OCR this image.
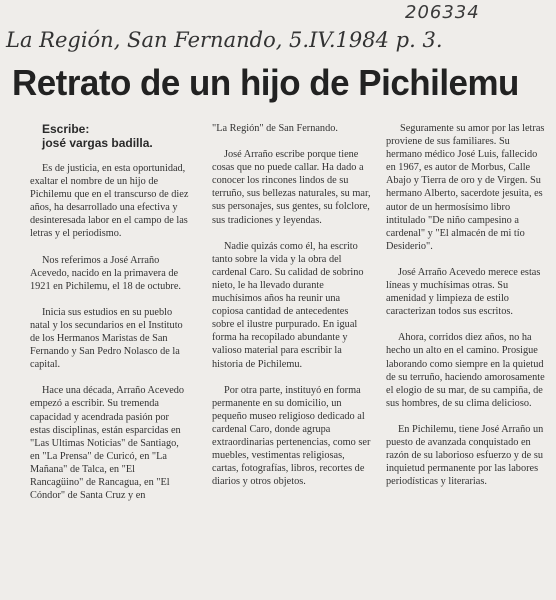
206334
La Región, San Fernando, 5.IV.1984 p. 3.
Retrato de un hijo de Pichilemu
Escribe:
josé vargas badilla.

Es de justicia, en esta oportunidad, exaltar el nombre de un hijo de Pichilemu que en el transcurso de diez años, ha desarrollado una efectiva y desinteresada labor en el campo de las letras y el periodismo.

Nos referimos a José Arraño Acevedo, nacido en la primavera de 1921 en Pichilemu, el 18 de octubre.

Inicia sus estudios en su pueblo natal y los secundarios en el Instituto de los Hermanos Maristas de San Fernando y San Pedro Nolasco de la capital.

Hace una década, Arraño Acevedo empezó a escribir. Su tremenda capacidad y acendrada pasión por estas disciplinas, están esparcidas en "Las Ultimas Noticias" de Santiago, en "La Prensa" de Curicó, en "La Mañana" de Talca, en "El Rancagüino" de Rancagua, en "El Cóndor" de Santa Cruz y en

"La Región" de San Fernando.

José Arraño escribe porque tiene cosas que no puede callar. Ha dado a conocer los rincones lindos de su terruño, sus bellezas naturales, su mar, sus personajes, sus gentes, su folclore, sus tradiciones y leyendas.

Nadie quizás como él, ha escrito tanto sobre la vida y la obra del cardenal Caro. Su calidad de sobrino nieto, le ha llevado durante muchísimos años ha reunir una copiosa cantidad de antecedentes sobre el ilustre purpurado. En igual forma ha recopilado abundante y valioso material para escribir la historia de Pichilemu.

Por otra parte, instituyó en forma permanente en su domicilio, un pequeño museo religioso dedicado al cardenal Caro, donde agrupa extraordinarias pertenencias, como ser muebles, vestimentas religiosas, cartas, fotografías, libros, recortes de diarios y otros objetos.

Seguramente su amor por las letras proviene de sus familiares. Su hermano médico José Luis, fallecido en 1967, es autor de Morbus, Calle Abajo y Tierra de oro y de Virgen. Su hermano Alberto, sacerdote jesuita, es autor de un hermosísimo libro intitulado "De niño campesino a cardenal" y "El almacén de mi tío Desiderio".

José Arraño Acevedo merece estas líneas y muchísimas otras. Su amenidad y limpieza de estilo caracterizan todos sus escritos.

Ahora, corridos diez años, no ha hecho un alto en el camino. Prosigue laborando como siempre en la quietud de su terruño, haciendo amorosamente el elogio de su mar, de su campiña, de sus hombres, de su clima delicioso.

En Pichilemu, tiene José Arraño un puesto de avanzada conquistado en razón de su laborioso esfuerzo y de su inquietud permanente por las labores periodísticas y literarias.
